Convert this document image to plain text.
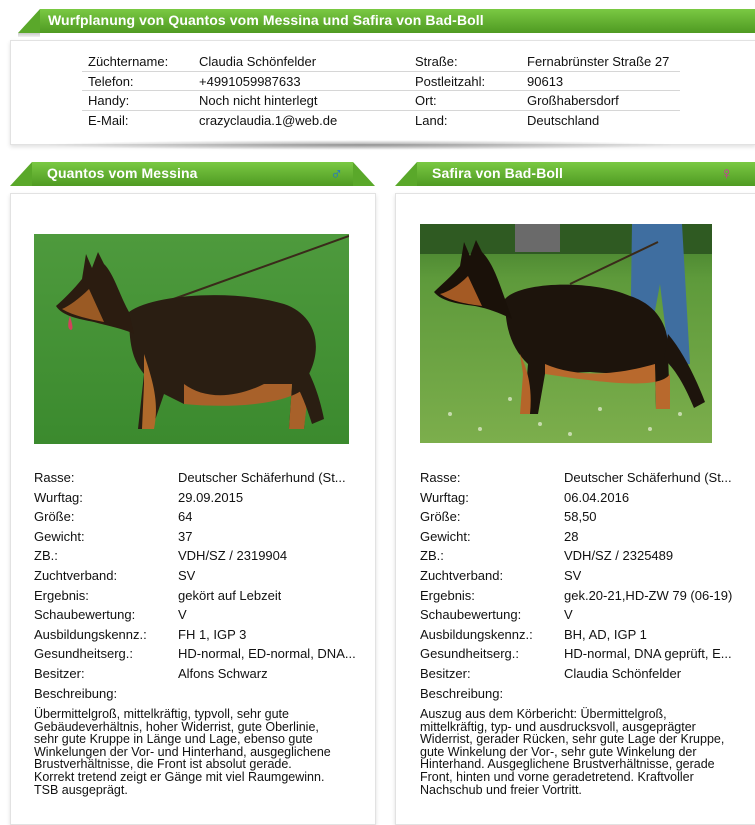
Wurfplanung von Quantos vom Messina und Safira von Bad-Boll
Züchtername: Claudia Schönfelder	Straße:	Fernabrünster Straße 27
Telefon:	+4991059987633	Postleitzahl:	90613
Handy:	Noch nicht hinterlegt	Ort:	Großhabersdorf
E-Mail:	crazyclaudia.1@web.de	Land:	Deutschland
Quantos vom Messina	♂	Safira von Bad-Boll	♀
Rasse:	Deutscher Schäferhund (St...
Wurftag:	29.09.2015
Größe:	64
Gewicht:	37
ZB.:	VDH/SZ / 2319904
Zuchtverband:	SV
Ergebnis:	gekört auf Lebzeit
Schaubewertung:	V
Ausbildungskennz.: FH 1, IGP 3
Gesundheitserg.:	HD-normal, ED-normal, DNA...
Besitzer:	Alfons Schwarz
Beschreibung:
Übermittelgroß, mittelkräftig, typvoll, sehr gute
Gebäudeverhältnis, hoher Widerrist, gute Oberlinie,
sehr gute Kruppe in Länge und Lage, ebenso gute
Winkelungen der Vor- und Hinterhand, ausgeglichene
Brustverhältnisse, die Front ist absolut gerade.
Korrekt tretend zeigt er Gänge mit viel Raumgewinn.
TSB ausgeprägt.
Rasse:	Deutscher Schäferhund (St...
Wurftag:	06.04.2016
Größe:	58,50
Gewicht:	28
ZB.:	VDH/SZ / 2325489
Zuchtverband:	SV
Ergebnis:	gek.20-21,HD-ZW 79 (06-19)
Schaubewertung:	V
Ausbildungskennz.: BH, AD, IGP 1
Gesundheitserg.:	HD-normal, DNA geprüft, E...
Besitzer:	Claudia Schönfelder
Beschreibung:
Auszug aus dem Körbericht: Übermittelgroß,
mittelkräftig, typ- und ausdrucksvoll, ausgeprägter
Widerrist, gerader Rücken, sehr gute Lage der Kruppe,
gute Winkelung der Vor-, sehr gute Winkelung der
Hinterhand. Ausgeglichene Brustverhältnisse, gerade
Front, hinten und vorne geradetretend. Kraftvoller
Nachschub und freier Vortritt.
